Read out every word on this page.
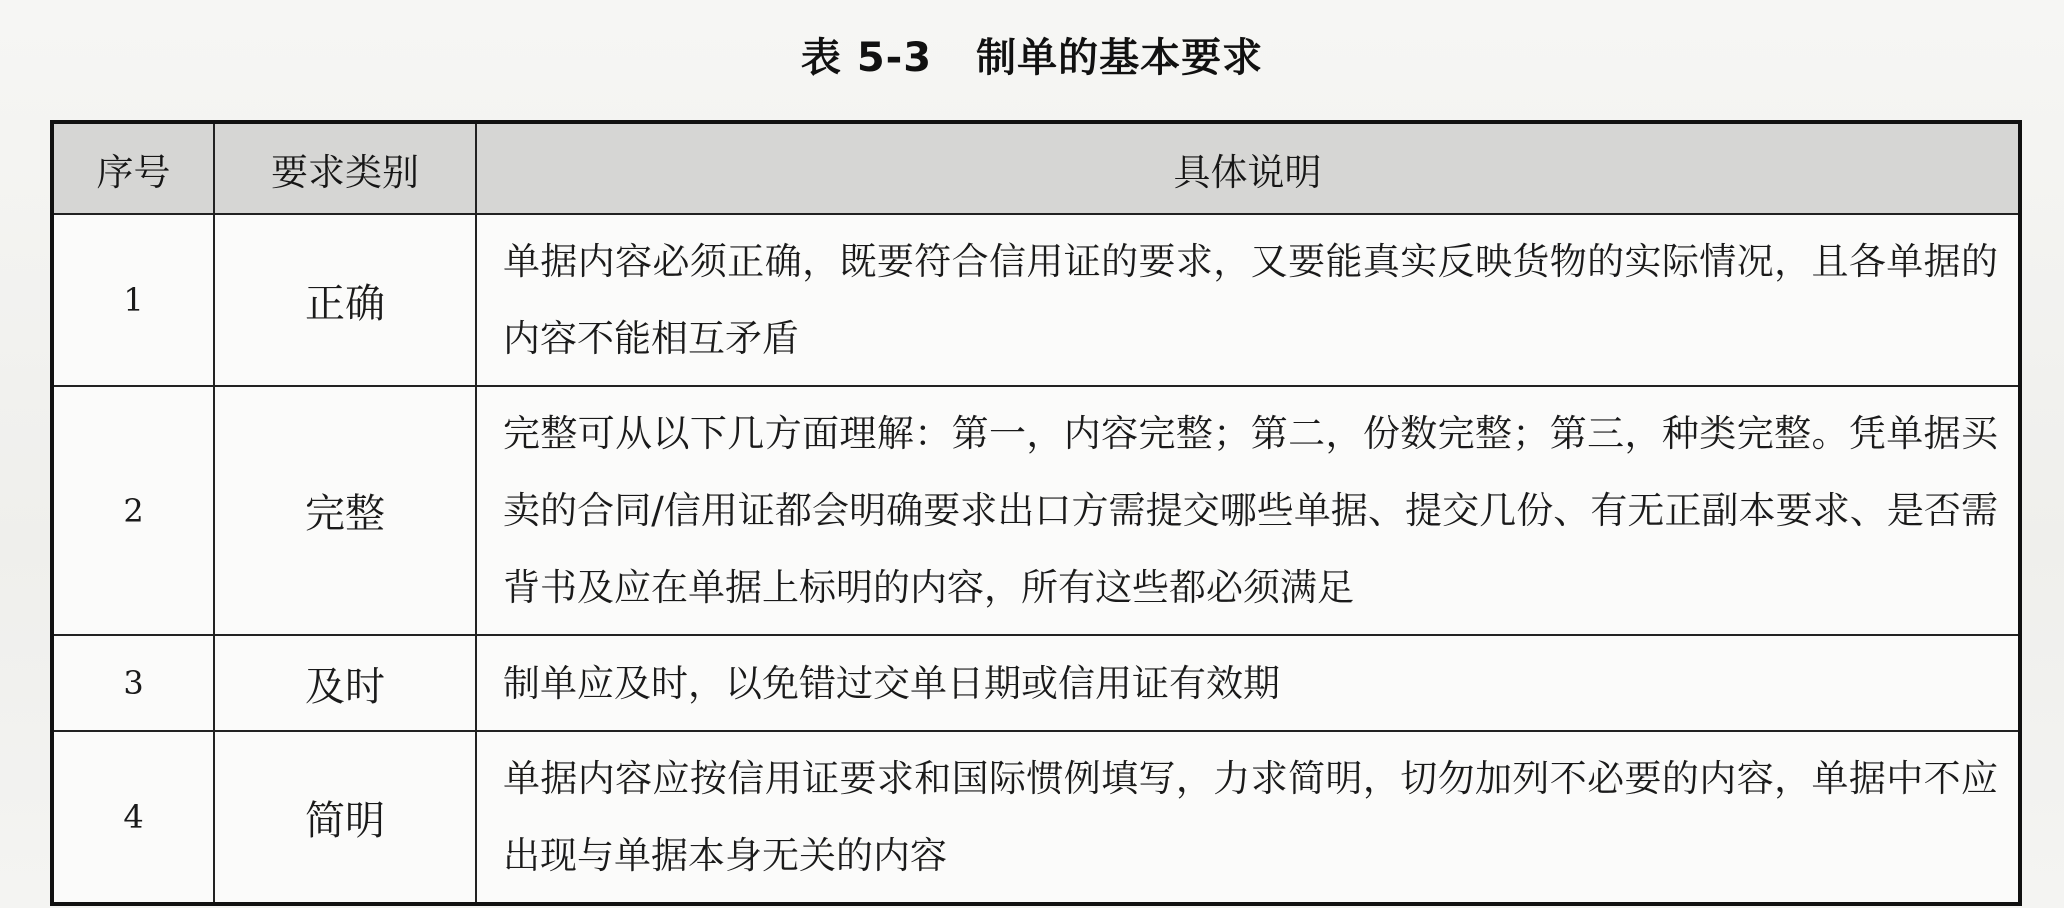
表 5-3 制单的基本要求
序号	要求类别	具体说明
1	正确	单据内容必须正确，既要符合信用证的要求，又要能真实反映货物的实际情况，且各单据的内容不能相互矛盾
2	完整	完整可从以下几方面理解：第一，内容完整；第二，份数完整；第三，种类完整。凭单据买卖的合同/信用证都会明确要求出口方需提交哪些单据、提交几份、有无正副本要求、是否需背书及应在单据上标明的内容，所有这些都必须满足
3	及时	制单应及时，以免错过交单日期或信用证有效期
4	简明	单据内容应按信用证要求和国际惯例填写，力求简明，切勿加列不必要的内容，单据中不应出现与单据本身无关的内容
